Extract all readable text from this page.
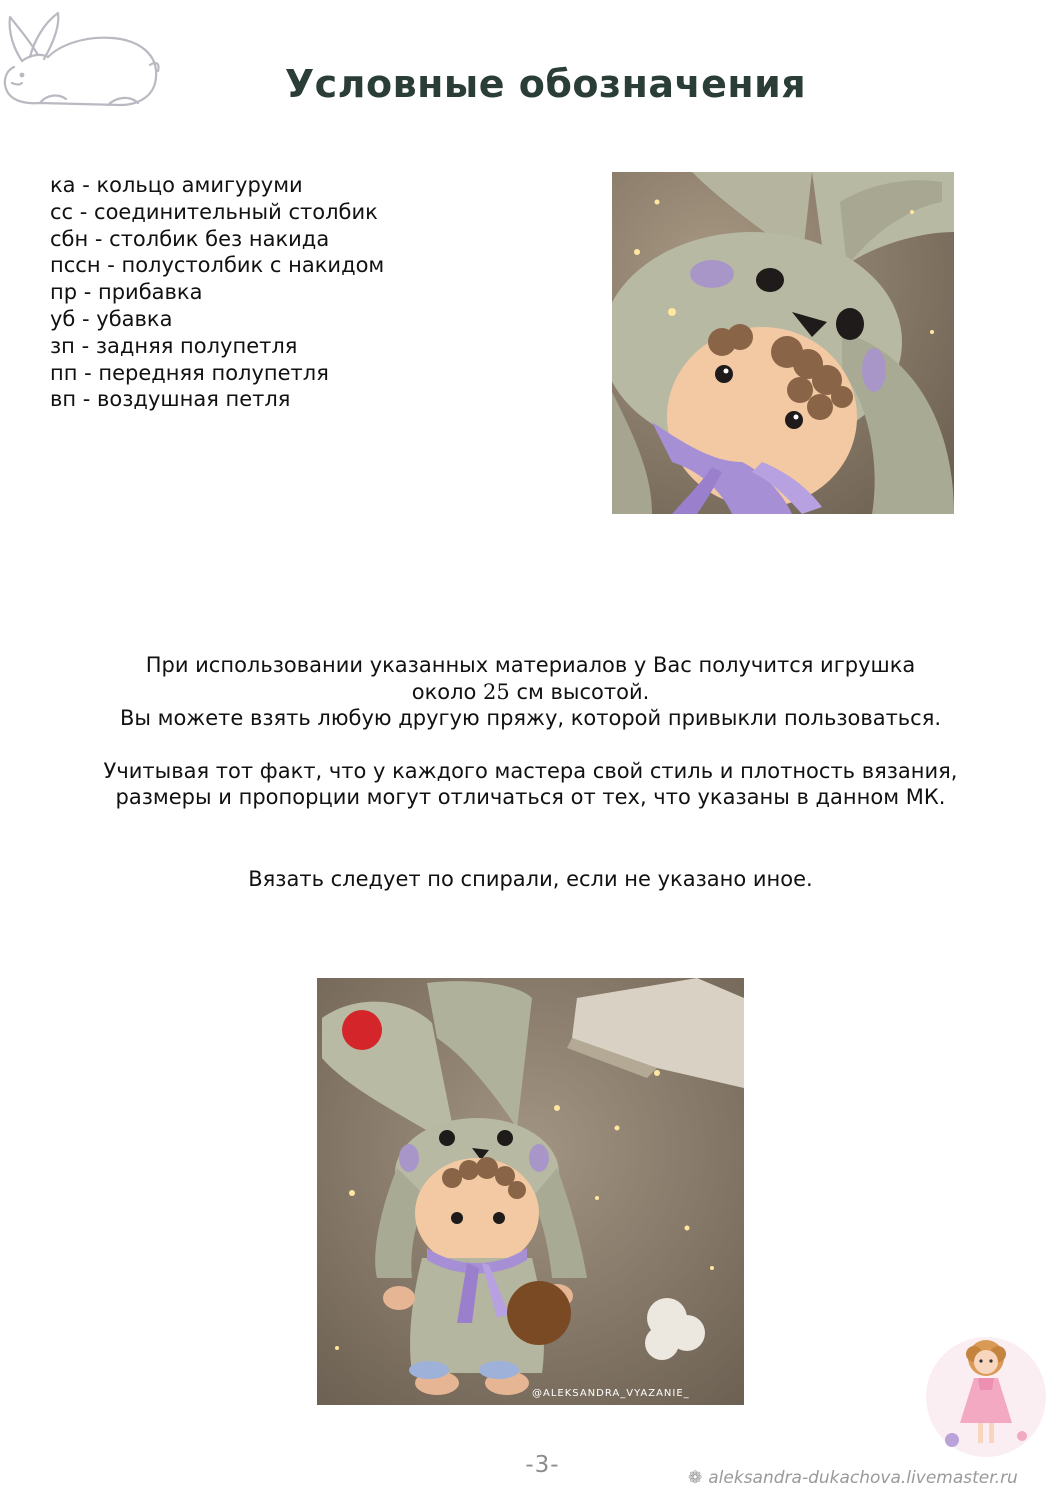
Условные обозначения
ка - кольцо амигуруми
сс - соединительный столбик
сбн - столбик без накида
пссн - полустолбик с накидом
пр - прибавка
уб - убавка
зп - задняя полупетля
пп - передняя полупетля
вп - воздушная петля

При использовании указанных материалов у Вас получится игрушка

около 25 см высотой.

Вы можете взять любую другую пряжу, которой привыкли пользоваться.

Учитывая тот факт, что у каждого мастера свой стиль и плотность вязания,

размеры и пропорции могут отличаться от тех, что указаны в данном МК.

Вязать следует по спирали, если не указано иное.
@ALEKSANDRA_VYAZANIE_
-3-	❁ aleksandra-dukachova.livemaster.ru
